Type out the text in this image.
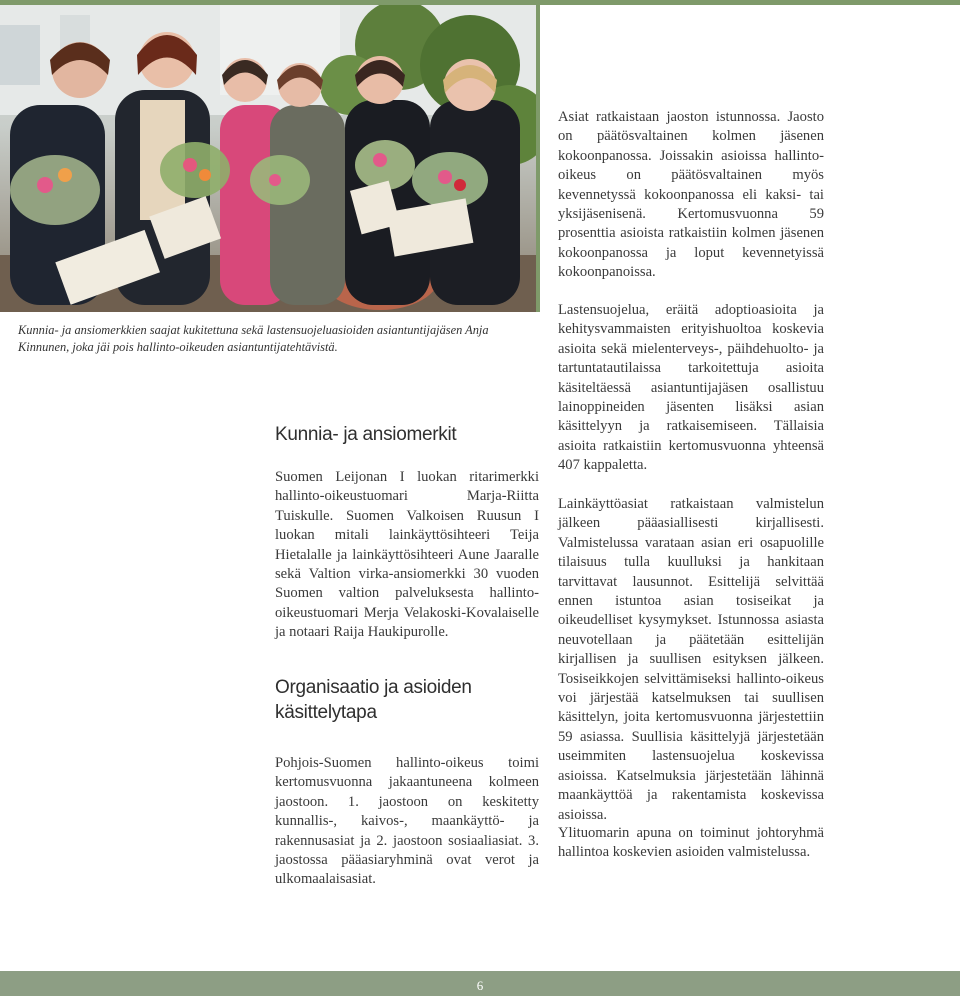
Kunnia- ja ansiomerkkien saajat kukitettuna sekä lastensuojeluasioiden asiantuntijajäsen Anja Kinnunen, joka jäi pois hallinto-oikeuden asiantuntijatehtävistä.
Kunnia- ja ansiomerkit

Suomen Leijonan I luokan ritarimerkki hallinto-oikeustuomari Marja-Riitta Tuiskulle. Suomen Valkoisen Ruusun I luokan mitali lainkäyttösihteeri Teija Hietalalle ja lainkäyttösihteeri Aune Jaaralle sekä Valtion virka-ansiomerkki 30 vuoden Suomen valtion palveluksesta hallinto-oikeustuomari Merja Velakoski-Kovalaiselle ja notaari Raija Haukipurolle.

Organisaatio ja asioiden käsittelytapa

Pohjois-Suomen hallinto-oikeus toimi kertomusvuonna jakaantuneena kolmeen jaostoon. 1. jaostoon on keskitetty kunnallis-, kaivos-, maankäyttö- ja rakennusasiat ja 2. jaostoon sosiaaliasiat. 3. jaostossa pääasiaryhminä ovat verot ja ulkomaalaisasiat.

Asiat ratkaistaan jaoston istunnossa. Jaosto on päätösvaltainen kolmen jäsenen kokoonpanossa. Joissakin asioissa hallinto-oikeus on päätösvaltainen myös kevennetyssä kokoonpanossa eli kaksi- tai yksijäsenisenä. Kertomusvuonna 59 prosenttia asioista ratkaistiin kolmen jäsenen kokoonpanossa ja loput kevennetyissä kokoonpanoissa.

Lastensuojelua, eräitä adoptioasioita ja kehitysvammaisten erityishuoltoa koskevia asioita sekä mielenterveys-, päihdehuolto- ja tartuntatautilaissa tarkoitettuja asioita käsiteltäessä asiantuntijajäsen osallistuu lainoppineiden jäsenten lisäksi asian käsittelyyn ja ratkaisemiseen. Tällaisia asioita ratkaistiin kertomusvuonna yhteensä 407 kappaletta.

Lainkäyttöasiat ratkaistaan valmistelun jälkeen pääasiallisesti kirjallisesti. Valmistelussa varataan asian eri osapuolille tilaisuus tulla kuulluksi ja hankitaan tarvittavat lausunnot. Esittelijä selvittää ennen istuntoa asian tosiseikat ja oikeudelliset kysymykset. Istunnossa asiasta neuvotellaan ja päätetään esittelijän kirjallisen ja suullisen esityksen jälkeen. Tosiseikkojen selvittämiseksi hallinto-oikeus voi järjestää katselmuksen tai suullisen käsittelyn, joita kertomusvuonna järjestettiin 59 asiassa. Suullisia käsittelyjä järjestetään useimmiten lastensuojelua koskevissa asioissa. Katselmuksia järjestetään lähinnä maankäyttöä ja rakentamista koskevissa asioissa.

Ylituomarin apuna on toiminut johtoryhmä hallintoa koskevien asioiden valmistelussa.

6
